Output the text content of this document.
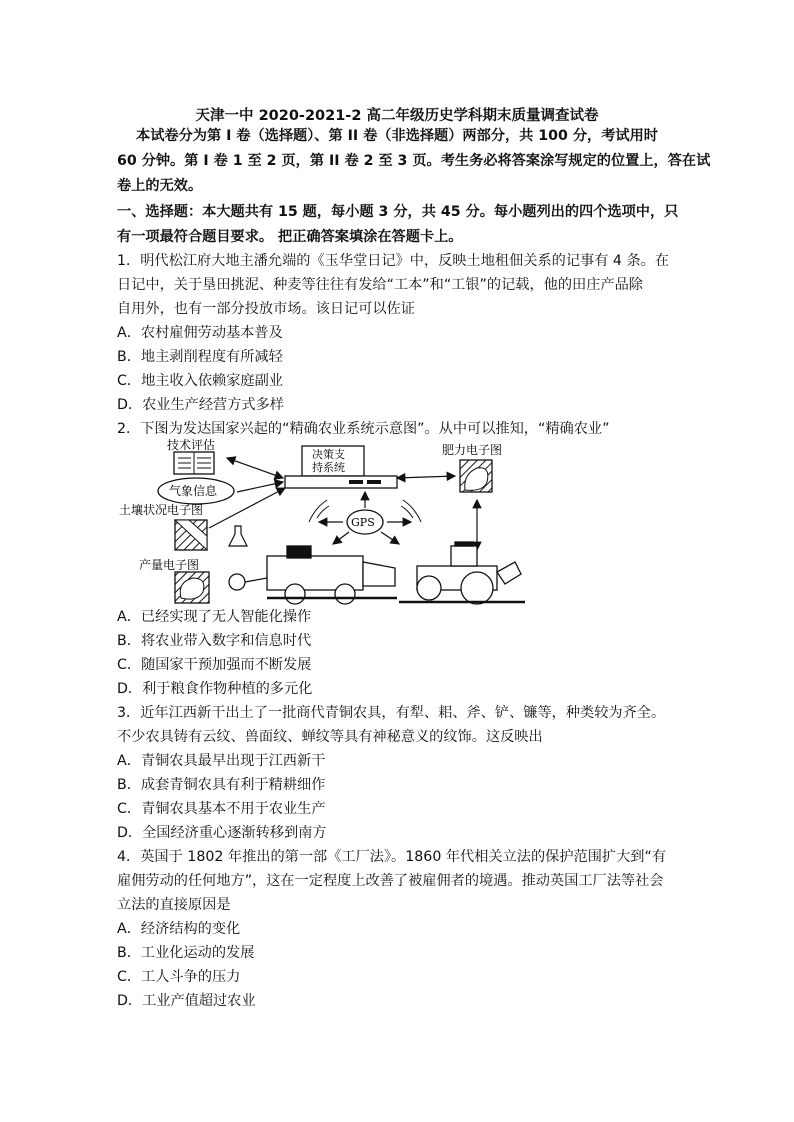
天津一中 2020-2021-2 高二年级历史学科期末质量调查试卷
本试卷分为第 I 卷（选择题）、第 II 卷（非选择题）两部分，共 100 分，考试用时
60 分钟。第 I 卷 1 至 2 页，第 II 卷 2 至 3 页。考生务必将答案涂写规定的位置上，答在试
卷上的无效。
一、选择题：本大题共有 15 题，每小题 3 分，共 45 分。每小题列出的四个选项中，只
有一项最符合题目要求。 把正确答案填涂在答题卡上。
1．明代松江府大地主潘允端的《玉华堂日记》中，反映土地租佃关系的记事有 4 条。在
日记中，关于垦田挑泥、种麦等往往有发给“工本”和“工银”的记载，他的田庄产品除
自用外，也有一部分投放市场。该日记可以佐证
A．农村雇佣劳动基本普及
B．地主剥削程度有所减轻
C．地主收入依赖家庭副业
D．农业生产经营方式多样
2．下图为发达国家兴起的“精确农业系统示意图”。从中可以推知，“精确农业”
技术评估
决策支
持系统
肥力电子图
气象信息
土壤状况电子图
产量电子图
GPS
A．已经实现了无人智能化操作
B．将农业带入数字和信息时代
C．随国家干预加强而不断发展
D．利于粮食作物种植的多元化
3．近年江西新干出土了一批商代青铜农具，有犁、耜、斧、铲、镰等，种类较为齐全。
不少农具铸有云纹、兽面纹、蝉纹等具有神秘意义的纹饰。这反映出
A．青铜农具最早出现于江西新干
B．成套青铜农具有利于精耕细作
C．青铜农具基本不用于农业生产
D．全国经济重心逐渐转移到南方
4．英国于 1802 年推出的第一部《工厂法》。1860 年代相关立法的保护范围扩大到“有
雇佣劳动的任何地方”，这在一定程度上改善了被雇佣者的境遇。推动英国工厂法等社会
立法的直接原因是
A．经济结构的变化
B．工业化运动的发展
C．工人斗争的压力
D．工业产值超过农业
